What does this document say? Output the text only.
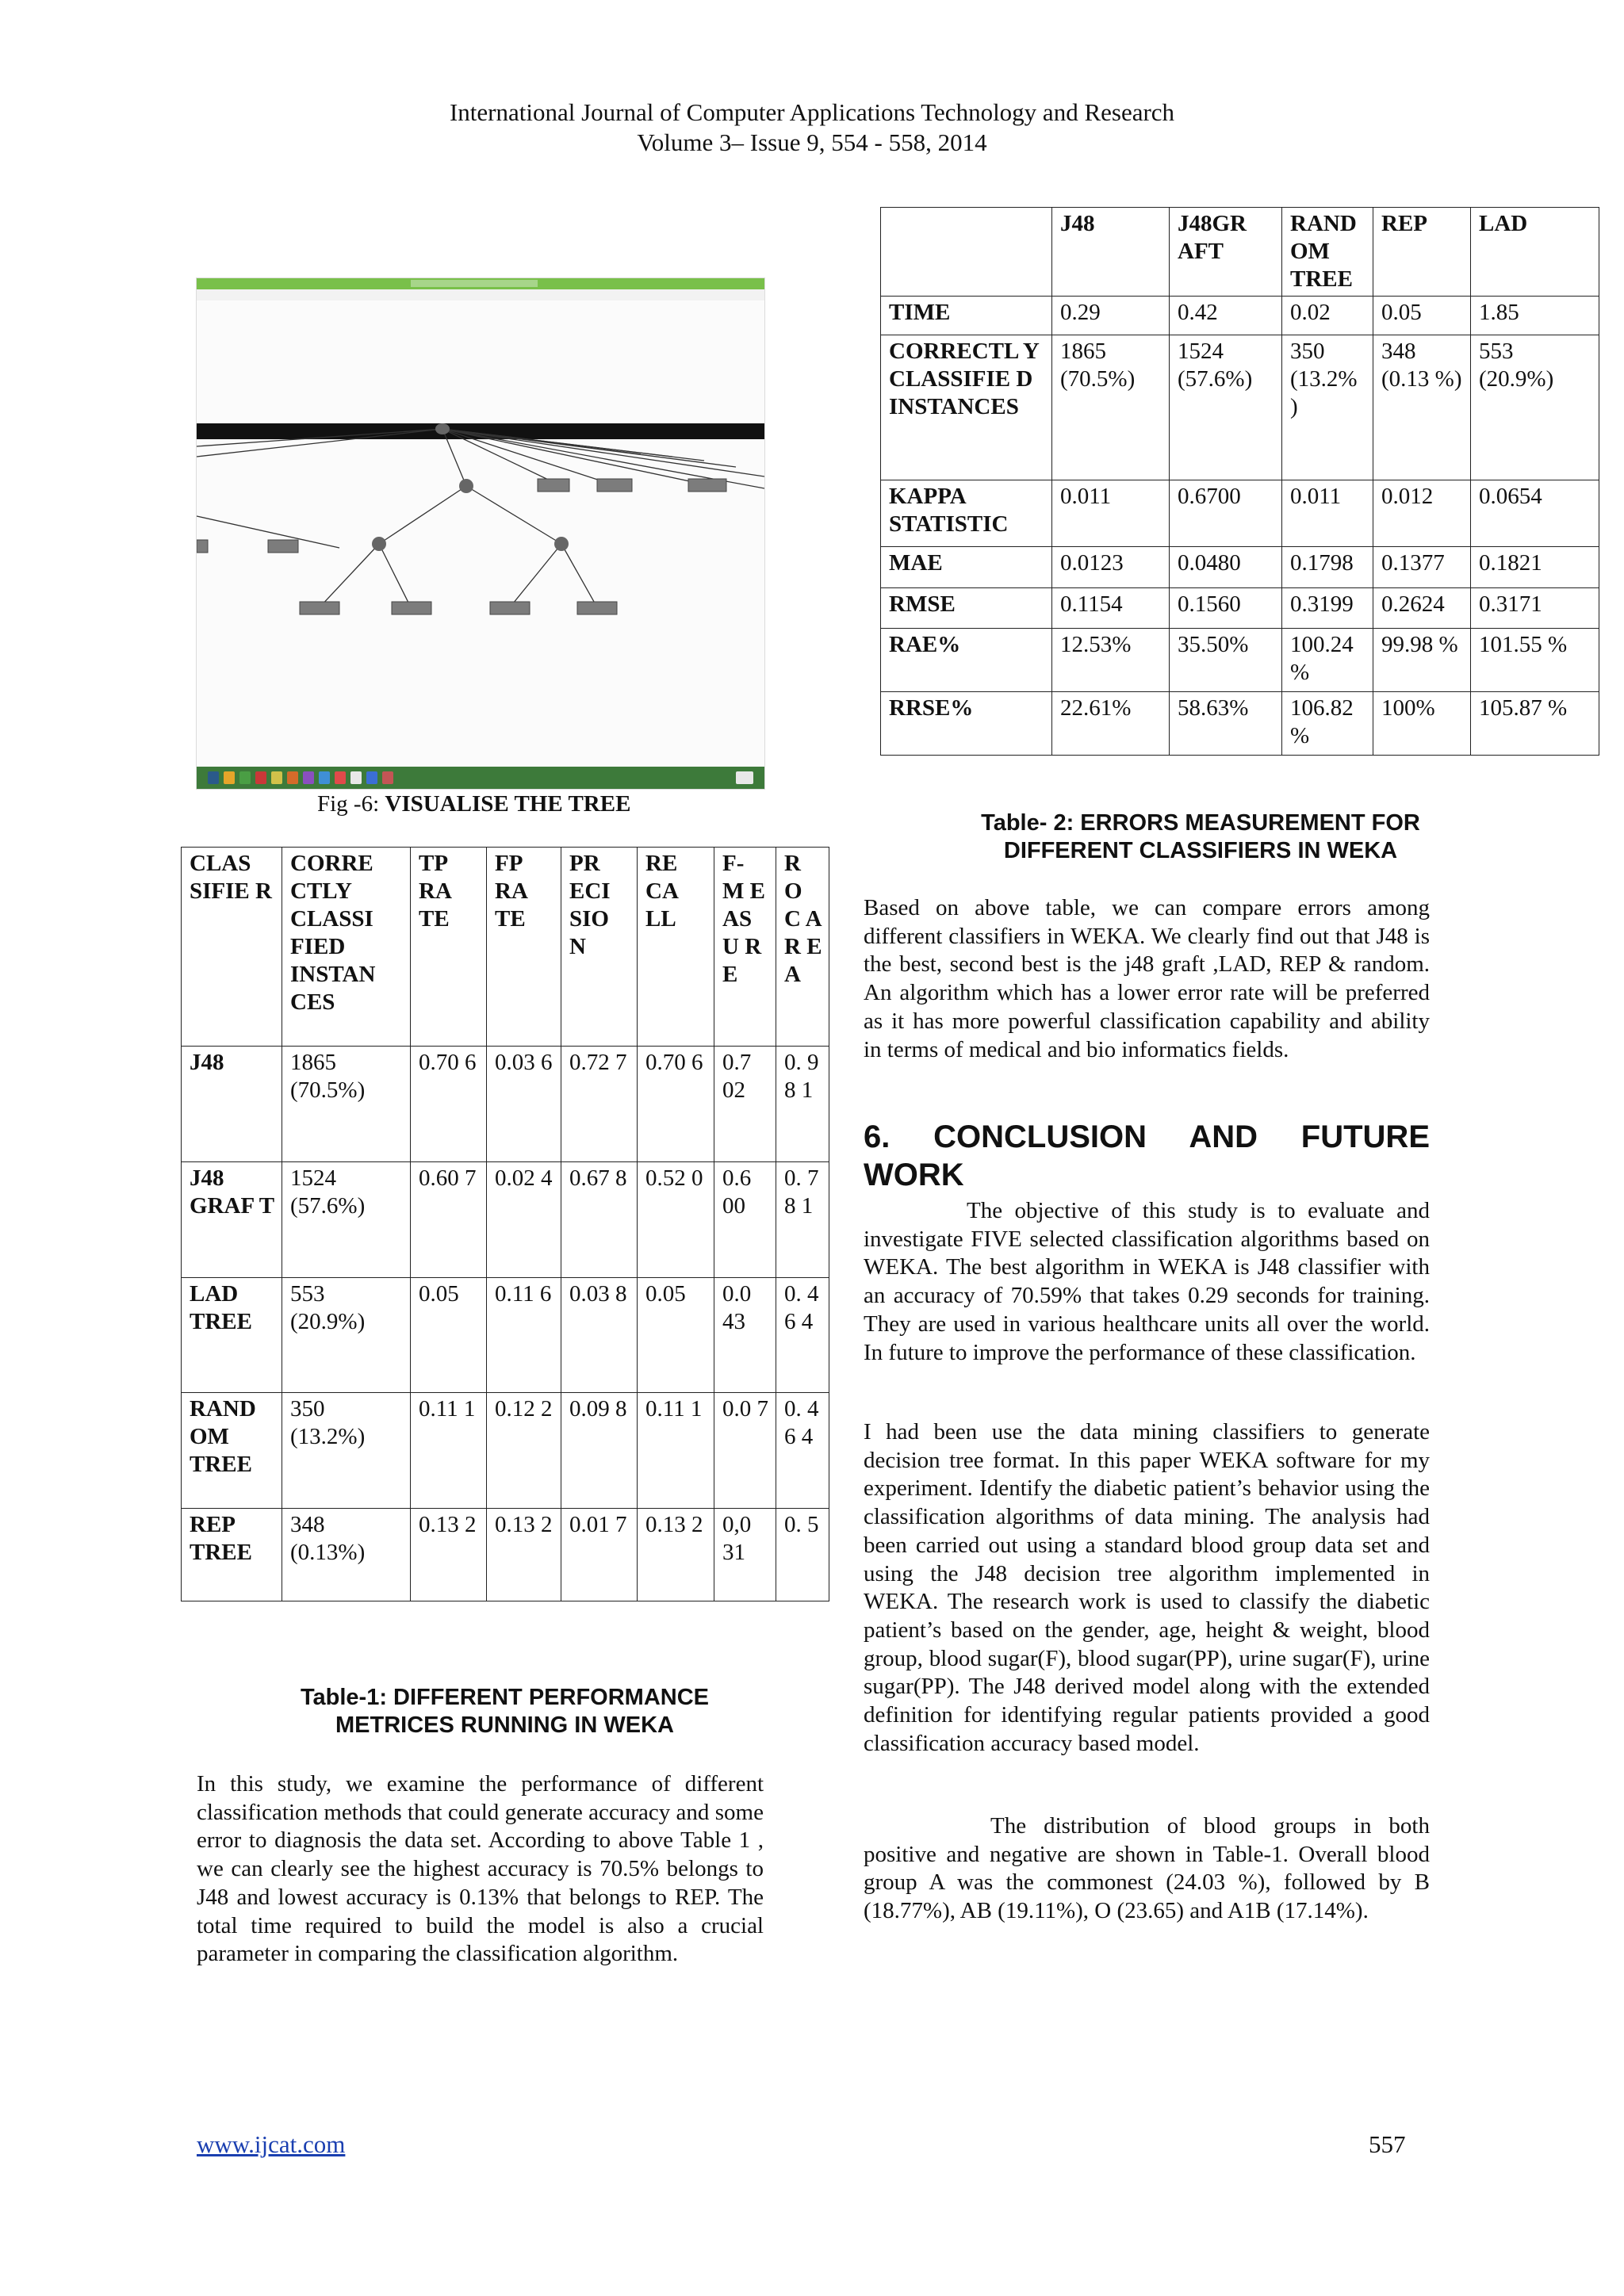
International Journal of Computer Applications Technology and Research
Volume 3– Issue 9, 554 - 558, 2014
Fig -6: VISUALISE THE TREE
CLAS SIFIE R	CORRE CTLY CLASSI FIED INSTAN CES	TP RA TE	FP RA TE	PR ECI SIO N	RE CA LL	F- M E AS U R E	R O C A R E A
J48	1865 (70.5%)	0.70 6	0.03 6	0.72 7	0.70 6	0.7 02	0. 9 8 1
J48 GRAF T	1524 (57.6%)	0.60 7	0.02 4	0.67 8	0.52 0	0.6 00	0. 7 8 1
LAD TREE	553 (20.9%)	0.05	0.11 6	0.03 8	0.05	0.0 43	0. 4 6 4
RAND OM TREE	350 (13.2%)	0.11 1	0.12 2	0.09 8	0.11 1	0.0 7	0. 4 6 4
REP TREE	348 (0.13%)	0.13 2	0.13 2	0.01 7	0.13 2	0,0 31	0. 5
Table-1: DIFFERENT PERFORMANCE
METRICES RUNNING IN WEKA
In this study, we examine the performance of different classification methods that could generate accuracy and some error to diagnosis the data set. According to above Table 1 , we can clearly see the highest accuracy is 70.5% belongs to J48 and lowest accuracy is 0.13% that belongs to REP. The total time required to build the model is also a crucial parameter in comparing the classification algorithm.
	J48	J48GR AFT	RAND OM TREE	REP	LAD
TIME	0.29	0.42	0.02	0.05	1.85
CORRECTL Y CLASSIFIE D INSTANCES	1865 (70.5%)	1524 (57.6%)	350 (13.2% )	348 (0.13 %)	553 (20.9%)
KAPPA STATISTIC	0.011	0.6700	0.011	0.012	0.0654
MAE	0.0123	0.0480	0.1798	0.1377	0.1821
RMSE	0.1154	0.1560	0.3199	0.2624	0.3171
RAE%	12.53%	35.50%	100.24 %	99.98 %	101.55 %
RRSE%	22.61%	58.63%	106.82 %	100%	105.87 %
Table- 2: ERRORS MEASUREMENT FOR
DIFFERENT CLASSIFIERS IN WEKA
Based on above table, we can compare errors among different classifiers in WEKA. We clearly find out that J48 is the best, second best is the j48 graft ,LAD, REP & random. An algorithm which has a lower error rate will be preferred as it has more powerful classification capability and ability in terms of medical and bio informatics fields.
6. CONCLUSION AND FUTURE WORK
The objective of this study is to evaluate and investigate FIVE selected classification algorithms based on WEKA. The best algorithm in WEKA is J48 classifier with an accuracy of 70.59% that takes 0.29 seconds for training. They are used in various healthcare units all over the world. In future to improve the performance of these classification.
I had been use the data mining classifiers to generate decision tree format. In this paper WEKA software for my experiment. Identify the diabetic patient’s behavior using the classification algorithms of data mining. The analysis had been carried out using a standard blood group data set and using the J48 decision tree algorithm implemented in WEKA. The research work is used to classify the diabetic patient’s based on the gender, age, height & weight, blood group, blood sugar(F), blood sugar(PP), urine sugar(F), urine sugar(PP). The J48 derived model along with the extended definition for identifying regular patients provided a good classification accuracy based model.
The distribution of blood groups in both positive and negative are shown in Table-1. Overall blood group A was the commonest (24.03 %), followed by B (18.77%), AB (19.11%), O (23.65) and A1B (17.14%).
www.ijcat.com	557
